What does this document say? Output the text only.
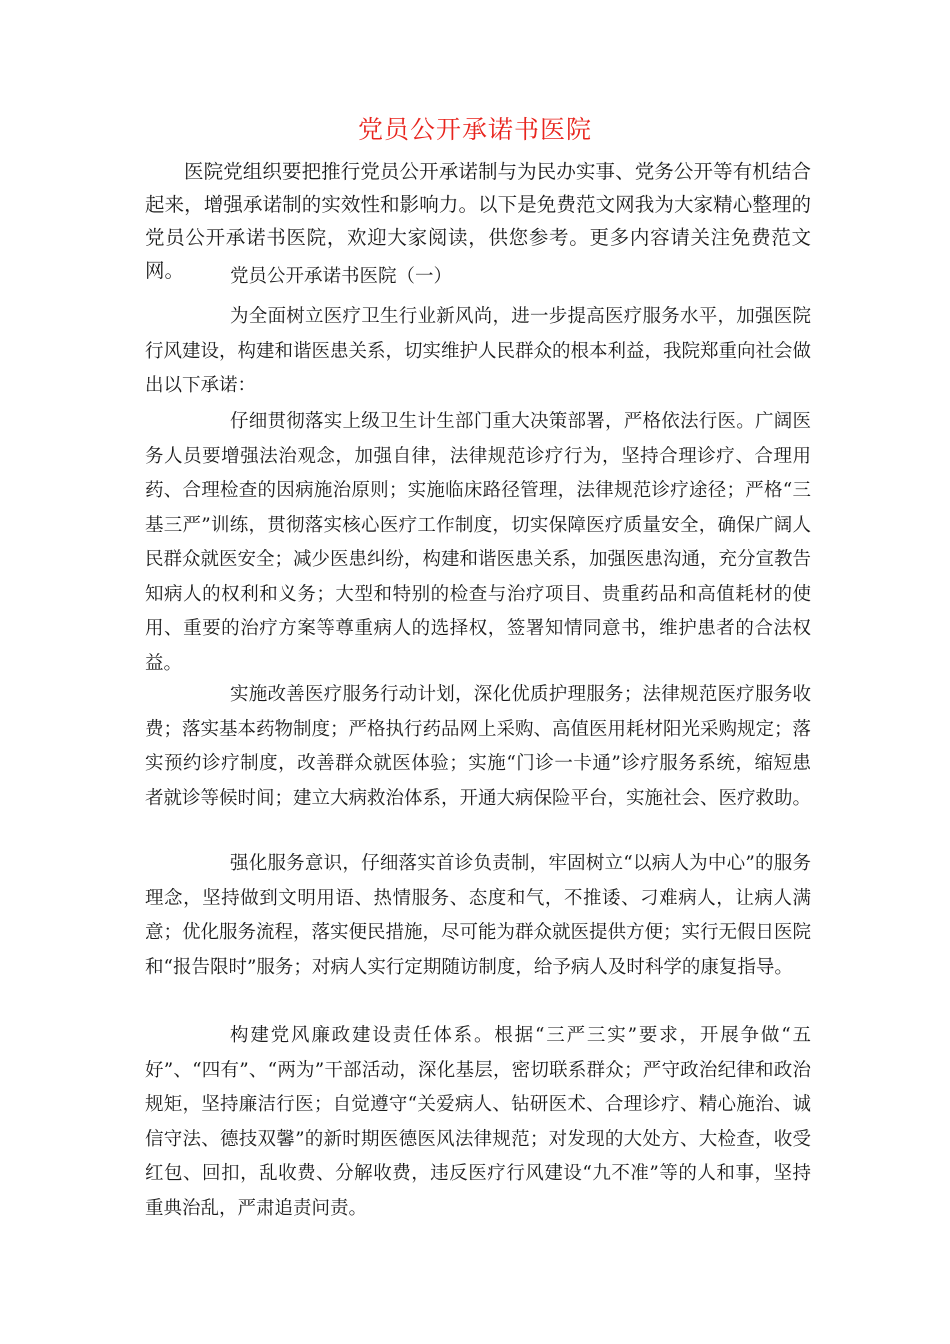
党员公开承诺书医院

医院党组织要把推行党员公开承诺制与为民办实事、党务公开等有机结合起来，增强承诺制的实效性和影响力。以下是免费范文网我为大家精心整理的党员公开承诺书医院，欢迎大家阅读，供您参考。更多内容请关注免费范文网。	党员公开承诺书医院（一）

为全面树立医疗卫生行业新风尚，进一步提高医疗服务水平，加强医院行风建设，构建和谐医患关系，切实维护人民群众的根本利益，我院郑重向社会做出以下承诺：

仔细贯彻落实上级卫生计生部门重大决策部署，严格依法行医。广阔医务人员要增强法治观念，加强自律，法律规范诊疗行为，坚持合理诊疗、合理用药、合理检查的因病施治原则；实施临床路径管理，法律规范诊疗途径；严格“三基三严”训练，贯彻落实核心医疗工作制度，切实保障医疗质量安全，确保广阔人民群众就医安全；减少医患纠纷，构建和谐医患关系，加强医患沟通，充分宣教告知病人的权利和义务；大型和特别的检查与治疗项目、贵重药品和高值耗材的使用、重要的治疗方案等尊重病人的选择权，签署知情同意书，维护患者的合法权益。

实施改善医疗服务行动计划，深化优质护理服务；法律规范医疗服务收费；落实基本药物制度；严格执行药品网上采购、高值医用耗材阳光采购规定；落实预约诊疗制度，改善群众就医体验；实施“门诊一卡通”诊疗服务系统，缩短患者就诊等候时间；建立大病救治体系，开通大病保险平台，实施社会、医疗救助。

强化服务意识，仔细落实首诊负责制，牢固树立“以病人为中心”的服务理念，坚持做到文明用语、热情服务、态度和气，不推诿、刁难病人，让病人满意；优化服务流程，落实便民措施，尽可能为群众就医提供方便；实行无假日医院和“报告限时”服务；对病人实行定期随访制度，给予病人及时科学的康复指导。

构建党风廉政建设责任体系。根据“三严三实”要求，开展争做“五好”、“四有”、“两为”干部活动，深化基层，密切联系群众；严守政治纪律和政治规矩，坚持廉洁行医；自觉遵守“关爱病人、钻研医术、合理诊疗、精心施治、诚信守法、德技双馨”的新时期医德医风法律规范；对发现的大处方、大检查，收受红包、回扣，乱收费、分解收费，违反医疗行风建设“九不准”等的人和事，坚持重典治乱，严肃追责问责。
